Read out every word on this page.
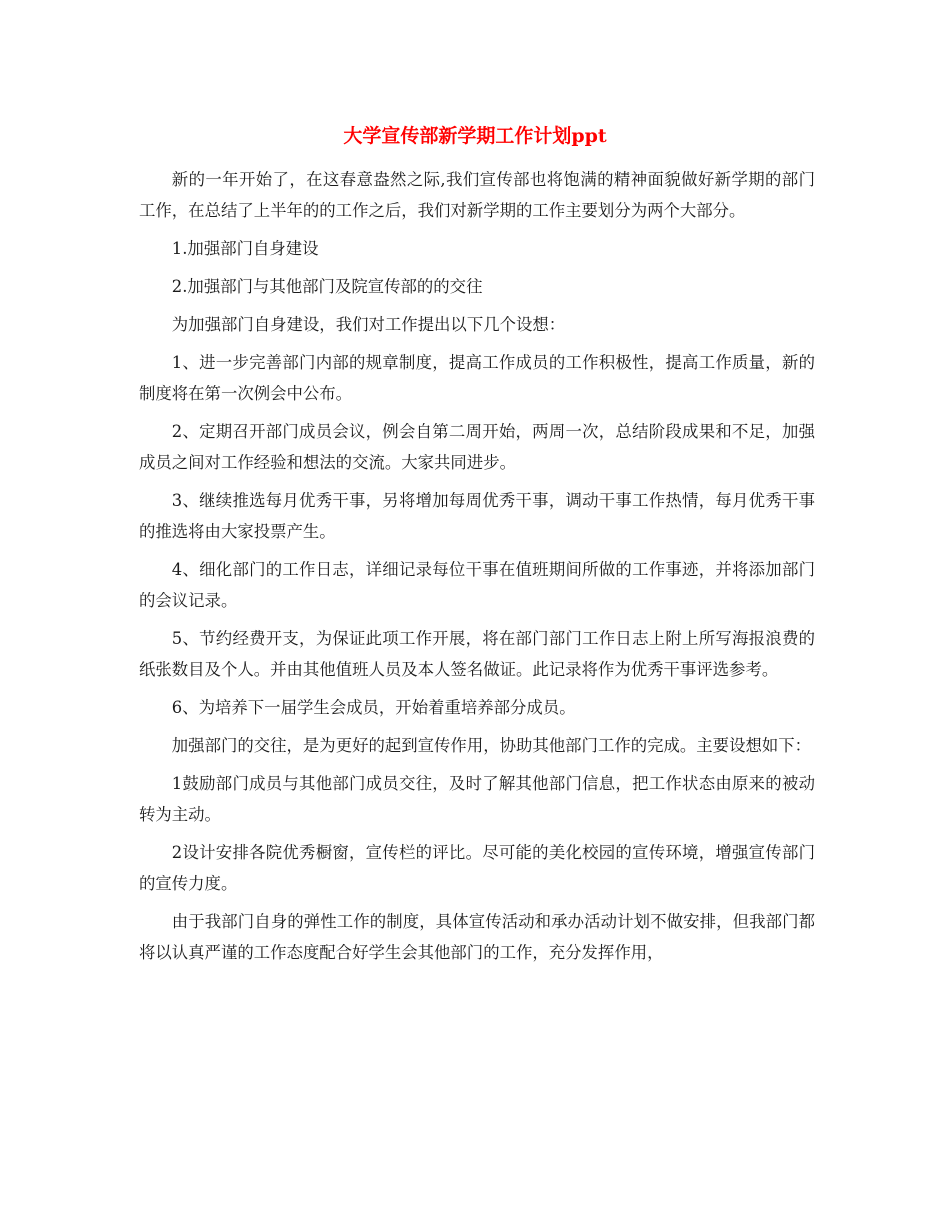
大学宣传部新学期工作计划ppt

新的一年开始了，在这春意盎然之际,我们宣传部也将饱满的精神面貌做好新学期的部门工作，在总结了上半年的的工作之后，我们对新学期的工作主要划分为两个大部分。

1.加强部门自身建设

2.加强部门与其他部门及院宣传部的的交往

为加强部门自身建设，我们对工作提出以下几个设想：

1、进一步完善部门内部的规章制度，提高工作成员的工作积极性，提高工作质量，新的制度将在第一次例会中公布。

2、定期召开部门成员会议，例会自第二周开始，两周一次，总结阶段成果和不足，加强成员之间对工作经验和想法的交流。大家共同进步。

3、继续推选每月优秀干事，另将增加每周优秀干事，调动干事工作热情，每月优秀干事的推选将由大家投票产生。

4、细化部门的工作日志，详细记录每位干事在值班期间所做的工作事迹，并将添加部门的会议记录。

5、节约经费开支，为保证此项工作开展，将在部门部门工作日志上附上所写海报浪费的纸张数目及个人。并由其他值班人员及本人签名做证。此记录将作为优秀干事评选参考。

6、为培养下一届学生会成员，开始着重培养部分成员。

加强部门的交往，是为更好的起到宣传作用，协助其他部门工作的完成。主要设想如下：

1鼓励部门成员与其他部门成员交往，及时了解其他部门信息，把工作状态由原来的被动转为主动。

2设计安排各院优秀橱窗，宣传栏的评比。尽可能的美化校园的宣传环境，增强宣传部门的宣传力度。

由于我部门自身的弹性工作的制度，具体宣传活动和承办活动计划不做安排，但我部门都将以认真严谨的工作态度配合好学生会其他部门的工作，充分发挥作用，
